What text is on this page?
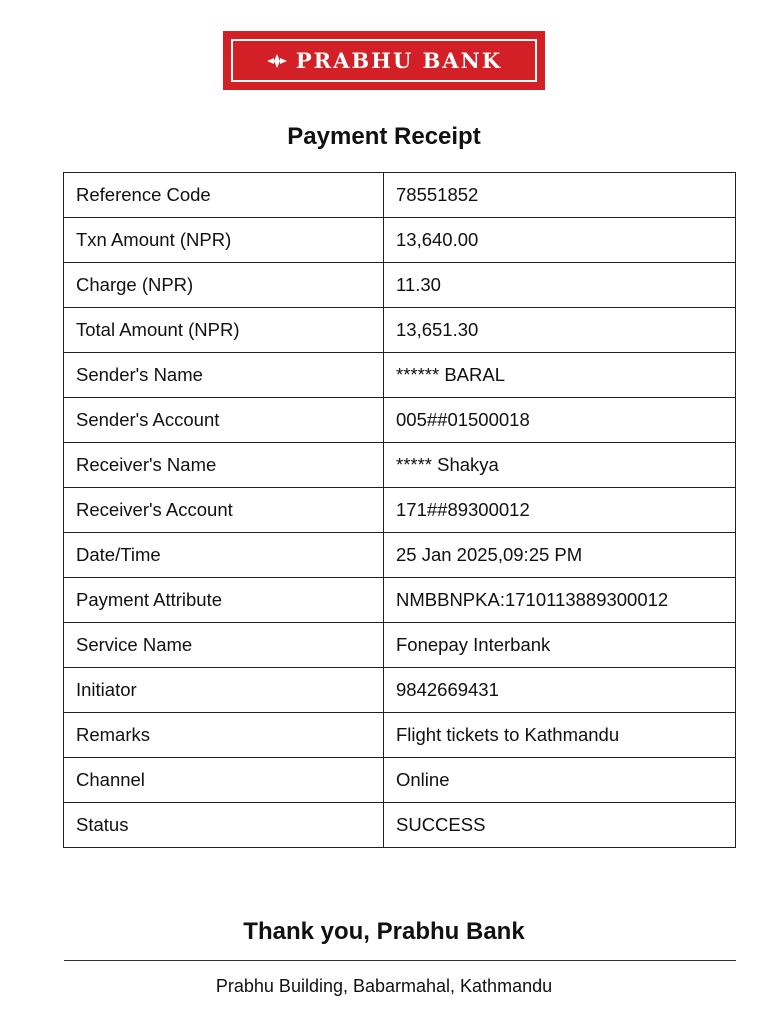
PRABHU BANK
Payment Receipt
Reference Code	78551852
Txn Amount (NPR)	13,640.00
Charge (NPR)	11.30
Total Amount (NPR)	13,651.30
Sender's Name	****** BARAL
Sender's Account	005##01500018
Receiver's Name	***** Shakya
Receiver's Account	171##89300012
Date/Time	25 Jan 2025,09:25 PM
Payment Attribute	NMBBNPKA:1710113889300012
Service Name	Fonepay Interbank
Initiator	9842669431
Remarks	Flight tickets to Kathmandu
Channel	Online
Status	SUCCESS
Thank you, Prabhu Bank
Prabhu Building, Babarmahal, Kathmandu
